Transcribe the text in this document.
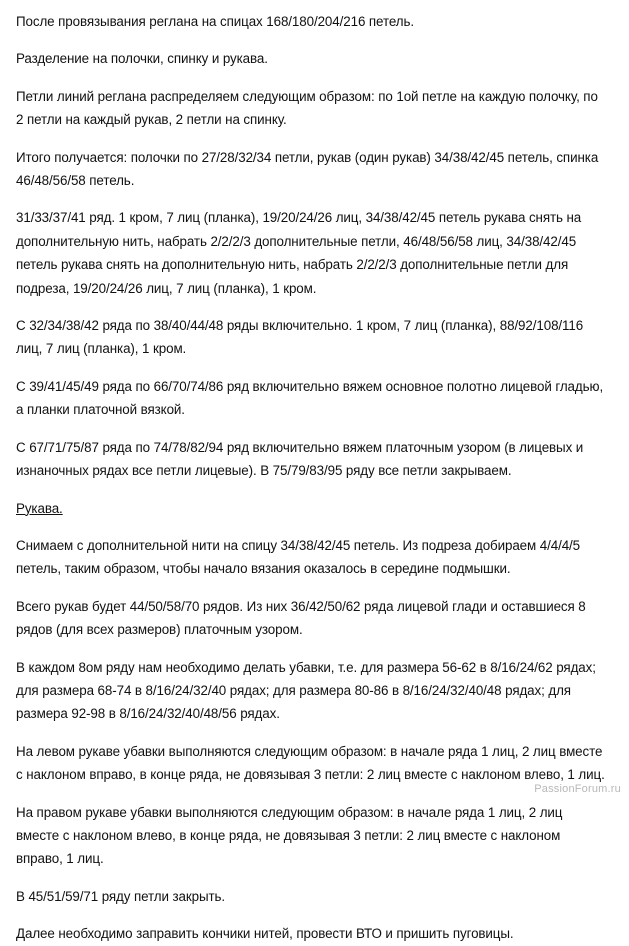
После провязывания реглана на спицах 168/180/204/216 петель.

Разделение на полочки, спинку и рукава.

Петли линий реглана распределяем следующим образом: по 1ой петле на каждую полочку, по 2 петли на каждый рукав, 2 петли на спинку.

Итого получается: полочки по 27/28/32/34 петли, рукав (один рукав) 34/38/42/45 петель, спинка 46/48/56/58 петель.

31/33/37/41 ряд. 1 кром, 7 лиц (планка), 19/20/24/26 лиц, 34/38/42/45 петель рукава снять на дополнительную нить, набрать 2/2/2/3 дополнительные петли, 46/48/56/58 лиц, 34/38/42/45 петель рукава снять на дополнительную нить, набрать 2/2/2/3 дополнительные петли для подреза, 19/20/24/26 лиц, 7 лиц (планка), 1 кром.

С 32/34/38/42 ряда по 38/40/44/48 ряды включительно. 1 кром, 7 лиц (планка), 88/92/108/116 лиц, 7 лиц (планка), 1 кром.

С 39/41/45/49 ряда по 66/70/74/86 ряд включительно вяжем основное полотно лицевой гладью, а планки платочной вязкой.

С 67/71/75/87 ряда по 74/78/82/94 ряд включительно вяжем платочным узором (в лицевых и изнаночных рядах все петли лицевые). В 75/79/83/95 ряду все петли закрываем.

Рукава.

Снимаем с дополнительной нити на спицу 34/38/42/45 петель. Из подреза добираем 4/4/4/5 петель, таким образом, чтобы начало вязания оказалось в середине подмышки.

Всего рукав будет 44/50/58/70 рядов. Из них 36/42/50/62 ряда лицевой глади и оставшиеся 8 рядов (для всех размеров) платочным узором.

В каждом 8ом ряду нам необходимо делать убавки, т.е. для размера 56-62 в 8/16/24/62 рядах; для размера 68-74 в 8/16/24/32/40 рядах; для размера 80-86 в 8/16/24/32/40/48 рядах; для размера 92-98 в 8/16/24/32/40/48/56 рядах.

На левом рукаве убавки выполняются следующим образом: в начале ряда 1 лиц, 2 лиц вместе с наклоном вправо, в конце ряда, не довязывая 3 петли: 2 лиц вместе с наклоном влево, 1 лиц.

На правом рукаве убавки выполняются следующим образом: в начале ряда 1 лиц, 2 лиц вместе с наклоном влево, в конце ряда, не довязывая 3 петли: 2 лиц вместе с наклоном вправо, 1 лиц.

В 45/51/59/71 ряду петли закрыть.

Далее необходимо заправить кончики нитей, провести ВТО и пришить пуговицы.

PassionForum.ru
